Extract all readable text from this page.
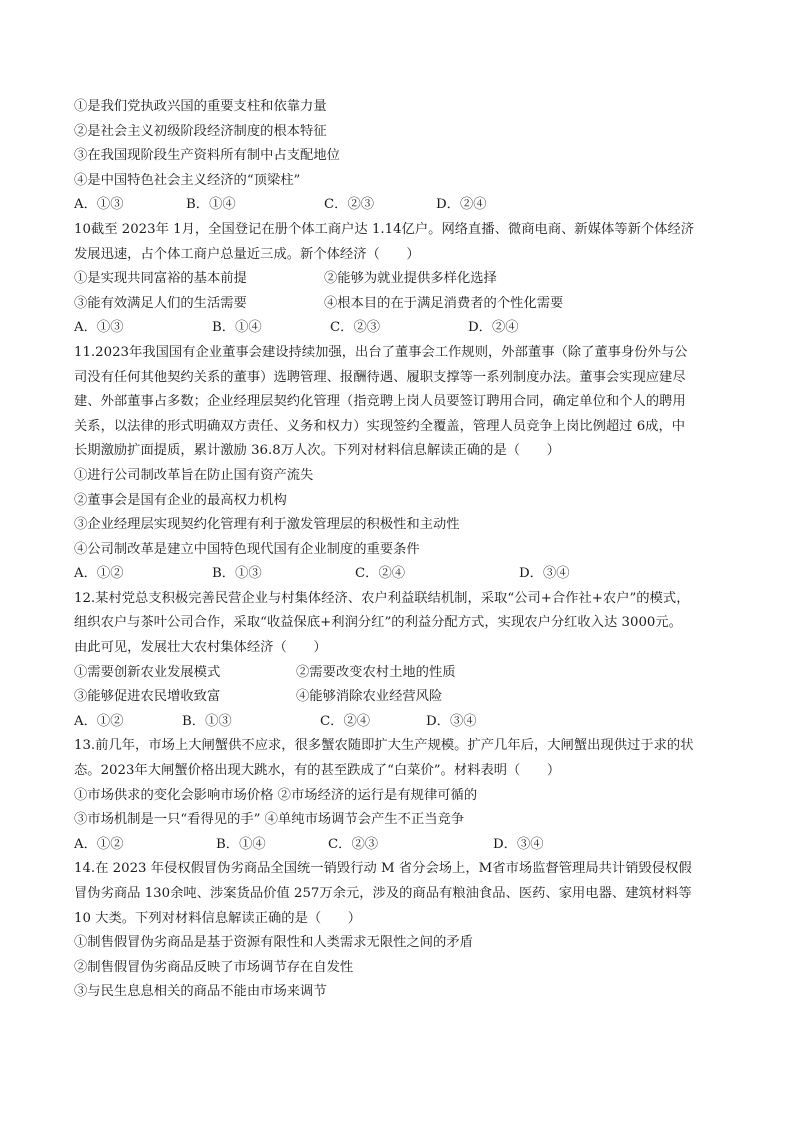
①是我们党执政兴国的重要支柱和依靠力量
②是社会主义初级阶段经济制度的根本特征
③在我国现阶段生产资料所有制中占支配地位
④是中国特色社会主义经济的“顶梁柱”
A．①③	B．①④	C．②③	D．②④
10截至 2023年 1月，全国登记在册个体工商户达 1.14亿户。网络直播、微商电商、新媒体等新个体经济
发展迅速，占个体工商户总量近三成。新个体经济（　　）
①是实现共同富裕的基本前提	②能够为就业提供多样化选择
③能有效满足人们的生活需要	④根本目的在于满足消费者的个性化需要
A．①③	B．①④	C．②③	D．②④
11.2023年我国国有企业董事会建设持续加强，出台了董事会工作规则，外部董事（除了董事身份外与公
司没有任何其他契约关系的董事）选聘管理、报酬待遇、履职支撑等一系列制度办法。董事会实现应建尽
建、外部董事占多数；企业经理层契约化管理（指竞聘上岗人员要签订聘用合同，确定单位和个人的聘用
关系，以法律的形式明确双方责任、义务和权力）实现签约全覆盖，管理人员竞争上岗比例超过 6成，中
长期激励扩面提质，累计激励 36.8万人次。下列对材料信息解读正确的是（　　）
①进行公司制改革旨在防止国有资产流失
②董事会是国有企业的最高权力机构
③企业经理层实现契约化管理有利于激发管理层的积极性和主动性
④公司制改革是建立中国特色现代国有企业制度的重要条件
A．①②	B．①③	C．②④	D．③④
12.某村党总支积极完善民营企业与村集体经济、农户利益联结机制，采取“公司+合作社+农户”的模式，
组织农户与茶叶公司合作，采取“收益保底+利润分红”的利益分配方式，实现农户分红收入达 3000元。
由此可见，发展壮大农村集体经济（　　）
①需要创新农业发展模式	②需要改变农村土地的性质
③能够促进农民增收致富	④能够消除农业经营风险
A．①②	B．①③	C．②④	D．③④
13.前几年，市场上大闸蟹供不应求，很多蟹农随即扩大生产规模。扩产几年后，大闸蟹出现供过于求的状
态。2023年大闸蟹价格出现大跳水，有的甚至跌成了“白菜价”。材料表明（　　）
①市场供求的变化会影响市场价格 ②市场经济的运行是有规律可循的
③市场机制是一只“看得见的手” ④单纯市场调节会产生不正当竞争
A．①②	B．①④	C．②③	D．③④
14.在 2023 年侵权假冒伪劣商品全国统一销毁行动 M 省分会场上，M省市场监督管理局共计销毁侵权假
冒伪劣商品 130余吨、涉案货品价值 257万余元，涉及的商品有粮油食品、医药、家用电器、建筑材料等
10 大类。下列对材料信息解读正确的是（　　）
①制售假冒伪劣商品是基于资源有限性和人类需求无限性之间的矛盾
②制售假冒伪劣商品反映了市场调节存在自发性
③与民生息息相关的商品不能由市场来调节
